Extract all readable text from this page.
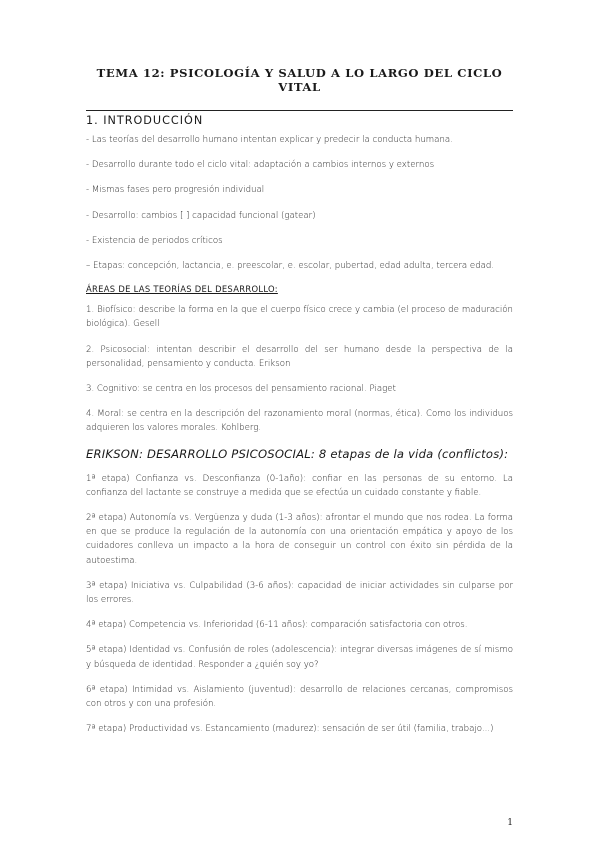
TEMA 12: PSICOLOGÍA Y SALUD A LO LARGO DEL CICLO VITAL
1. INTRODUCCIÓN

- Las teorías del desarrollo humano intentan explicar y predecir la conducta humana.

- Desarrollo durante todo el ciclo vital: adaptación a cambios internos y externos

- Mismas fases pero progresión individual

- Desarrollo: cambios [ ] capacidad funcional (gatear)

- Existencia de periodos críticos

– Etapas: concepción, lactancia, e. preescolar, e. escolar, pubertad, edad adulta, tercera edad.

ÁREAS DE LAS TEORÍAS DEL DESARROLLO:

1. Biofísico: describe la forma en la que el cuerpo físico crece y cambia (el proceso de maduración biológica). Gesell

2. Psicosocial: intentan describir el desarrollo del ser humano desde la perspectiva de la personalidad, pensamiento y conducta. Erikson

3. Cognitivo: se centra en los procesos del pensamiento racional. Piaget

4. Moral: se centra en la descripción del razonamiento moral (normas, ética). Como los individuos adquieren los valores morales. Kohlberg.

ERIKSON: DESARROLLO PSICOSOCIAL: 8 etapas de la vida (conflictos):

1ª etapa) Confianza vs. Desconfianza (0-1año): confiar en las personas de su entorno. La confianza del lactante se construye a medida que se efectúa un cuidado constante y fiable.

2ª etapa) Autonomía vs. Vergüenza y duda (1-3 años): afrontar el mundo que nos rodea. La forma en que se produce la regulación de la autonomía con una orientación empática y apoyo de los cuidadores conlleva un impacto a la hora de conseguir un control con éxito sin pérdida de la autoestima.

3ª etapa) Iniciativa vs. Culpabilidad (3-6 años): capacidad de iniciar actividades sin culparse por los errores.

4ª etapa) Competencia vs. Inferioridad (6-11 años): comparación satisfactoria con otros.

5ª etapa) Identidad vs. Confusión de roles (adolescencia): integrar diversas imágenes de sí mismo y búsqueda de identidad. Responder a ¿quién soy yo?

6ª etapa) Intimidad vs. Aislamiento (juventud): desarrollo de relaciones cercanas, compromisos con otros y con una profesión.

7ª etapa) Productividad vs. Estancamiento (madurez): sensación de ser útil (familia, trabajo...)

1
